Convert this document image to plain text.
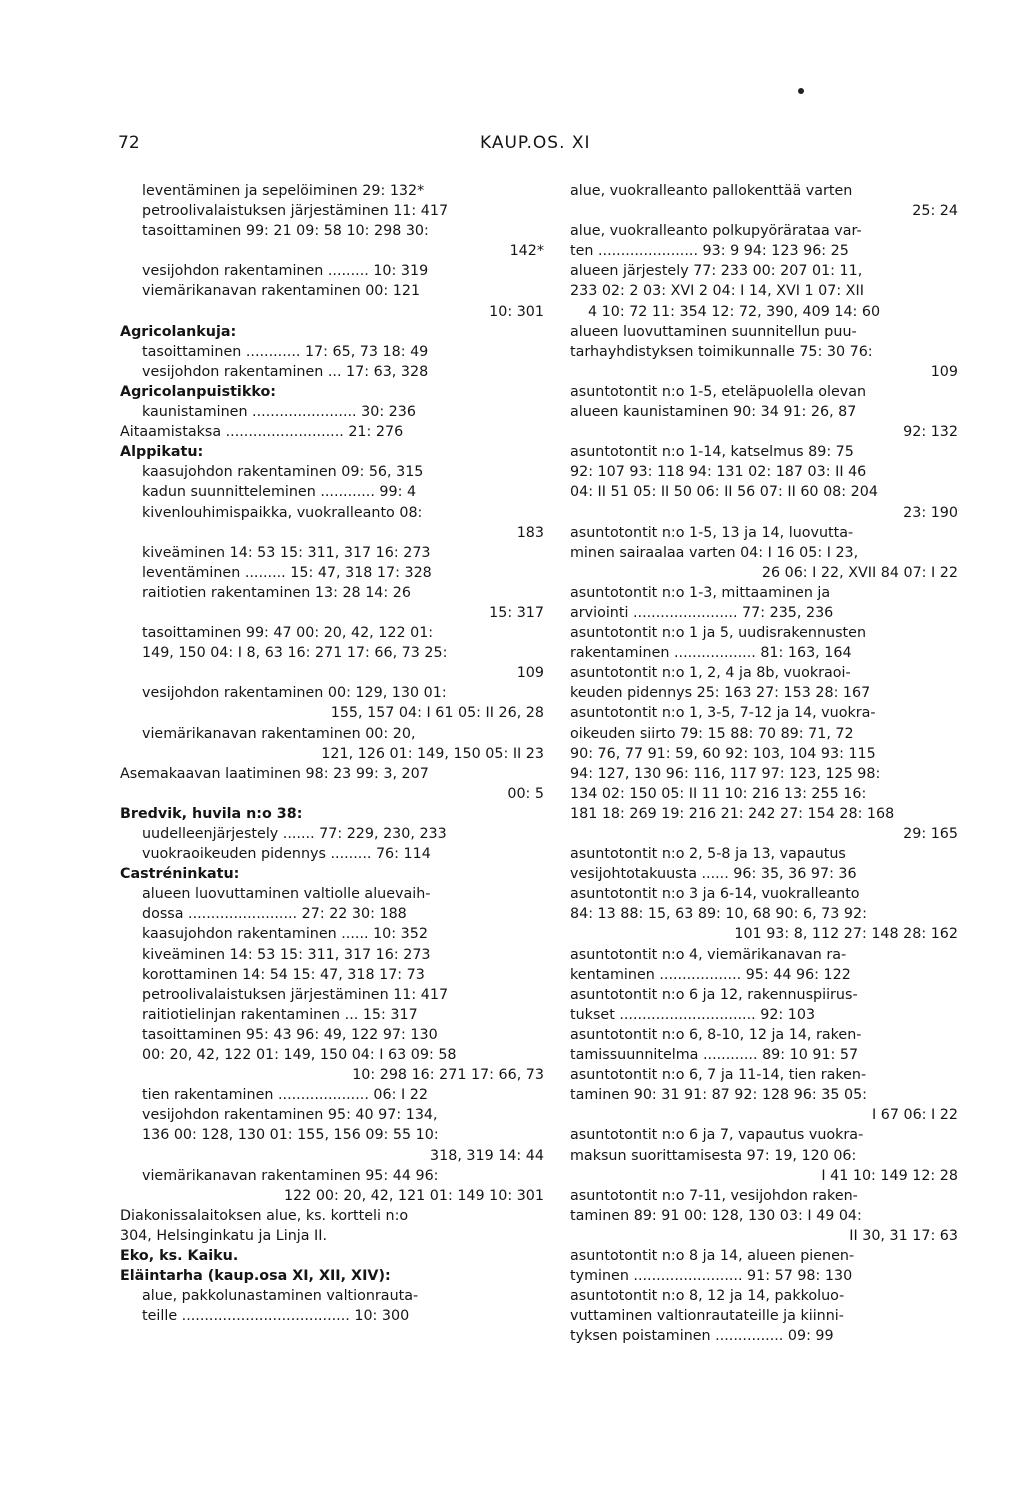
72	KAUP.OS. XI
leventäminen ja sepelöiminen 29: 132*
petroolivalaistuksen järjestäminen 11: 417
tasoittaminen 99: 21 09: 58 10: 298 30:
142*
vesijohdon rakentaminen ......... 10: 319
viemärikanavan rakentaminen 00: 121
10: 301
Agricolankuja:
tasoittaminen ............ 17: 65, 73 18: 49
vesijohdon rakentaminen ... 17: 63, 328
Agricolanpuistikko:
kaunistaminen ....................... 30: 236
Aitaamistaksa .......................... 21: 276
Alppikatu:
kaasujohdon rakentaminen 09: 56, 315
kadun suunnitteleminen ............ 99: 4
kivenlouhimispaikka, vuokralleanto 08:
183
kiveäminen 14: 53 15: 311, 317 16: 273
leventäminen ......... 15: 47, 318 17: 328
raitiotien rakentaminen 13: 28 14: 26
15: 317
tasoittaminen 99: 47 00: 20, 42, 122 01:
149, 150 04: I 8, 63 16: 271 17: 66, 73 25:
109
vesijohdon rakentaminen 00: 129, 130 01:
155, 157 04: I 61 05: II 26, 28
viemärikanavan rakentaminen 00: 20,
121, 126 01: 149, 150 05: II 23
Asemakaavan laatiminen 98: 23 99: 3, 207
00: 5
Bredvik, huvila n:o 38:
uudelleenjärjestely ....... 77: 229, 230, 233
vuokraoikeuden pidennys ......... 76: 114
Castréninkatu:
alueen luovuttaminen valtiolle aluevaih-
dossa ........................ 27: 22 30: 188
kaasujohdon rakentaminen ...... 10: 352
kiveäminen 14: 53 15: 311, 317 16: 273
korottaminen 14: 54 15: 47, 318 17: 73
petroolivalaistuksen järjestäminen 11: 417
raitiotielinjan rakentaminen ... 15: 317
tasoittaminen 95: 43 96: 49, 122 97: 130
00: 20, 42, 122 01: 149, 150 04: I 63 09: 58
10: 298 16: 271 17: 66, 73
tien rakentaminen .................... 06: I 22
vesijohdon rakentaminen 95: 40 97: 134,
136 00: 128, 130 01: 155, 156 09: 55 10:
318, 319 14: 44
viemärikanavan rakentaminen 95: 44 96:
122 00: 20, 42, 121 01: 149 10: 301
Diakonissalaitoksen alue, ks. kortteli n:o
304, Helsinginkatu ja Linja II.
Eko, ks. Kaiku.
Eläintarha (kaup.osa XI, XII, XIV):
alue, pakkolunastaminen valtionrauta-
teille ..................................... 10: 300
alue, vuokralleanto pallokenttää varten
25: 24
alue, vuokralleanto polkupyörärataa var-
ten ...................... 93: 9 94: 123 96: 25
alueen järjestely 77: 233 00: 207 01: 11,
233 02: 2 03: XVI 2 04: I 14, XVI 1 07: XII
4 10: 72 11: 354 12: 72, 390, 409 14: 60
alueen luovuttaminen suunnitellun puu-
tarhayhdistyksen toimikunnalle 75: 30 76:
109
asuntotontit n:o 1-5, eteläpuolella olevan
alueen kaunistaminen 90: 34 91: 26, 87
92: 132
asuntotontit n:o 1-14, katselmus 89: 75
92: 107 93: 118 94: 131 02: 187 03: II 46
04: II 51 05: II 50 06: II 56 07: II 60 08: 204
23: 190
asuntotontit n:o 1-5, 13 ja 14, luovutta-
minen sairaalaa varten 04: I 16 05: I 23,
26 06: I 22, XVII 84 07: I 22
asuntotontit n:o 1-3, mittaaminen ja
arviointi ....................... 77: 235, 236
asuntotontit n:o 1 ja 5, uudisrakennusten
rakentaminen .................. 81: 163, 164
asuntotontit n:o 1, 2, 4 ja 8b, vuokraoi-
keuden pidennys 25: 163 27: 153 28: 167
asuntotontit n:o 1, 3-5, 7-12 ja 14, vuokra-
oikeuden siirto 79: 15 88: 70 89: 71, 72
90: 76, 77 91: 59, 60 92: 103, 104 93: 115
94: 127, 130 96: 116, 117 97: 123, 125 98:
134 02: 150 05: II 11 10: 216 13: 255 16:
181 18: 269 19: 216 21: 242 27: 154 28: 168
29: 165
asuntotontit n:o 2, 5-8 ja 13, vapautus
vesijohtotakuusta ...... 96: 35, 36 97: 36
asuntotontit n:o 3 ja 6-14, vuokralleanto
84: 13 88: 15, 63 89: 10, 68 90: 6, 73 92:
101 93: 8, 112 27: 148 28: 162
asuntotontit n:o 4, viemärikanavan ra-
kentaminen .................. 95: 44 96: 122
asuntotontit n:o 6 ja 12, rakennuspiirus-
tukset .............................. 92: 103
asuntotontit n:o 6, 8-10, 12 ja 14, raken-
tamissuunnitelma ............ 89: 10 91: 57
asuntotontit n:o 6, 7 ja 11-14, tien raken-
taminen 90: 31 91: 87 92: 128 96: 35 05:
I 67 06: I 22
asuntotontit n:o 6 ja 7, vapautus vuokra-
maksun suorittamisesta 97: 19, 120 06:
I 41 10: 149 12: 28
asuntotontit n:o 7-11, vesijohdon raken-
taminen 89: 91 00: 128, 130 03: I 49 04:
II 30, 31 17: 63
asuntotontit n:o 8 ja 14, alueen pienen-
tyminen ........................ 91: 57 98: 130
asuntotontit n:o 8, 12 ja 14, pakkoluo-
vuttaminen valtionrautateille ja kiinni-
tyksen poistaminen ............... 09: 99
